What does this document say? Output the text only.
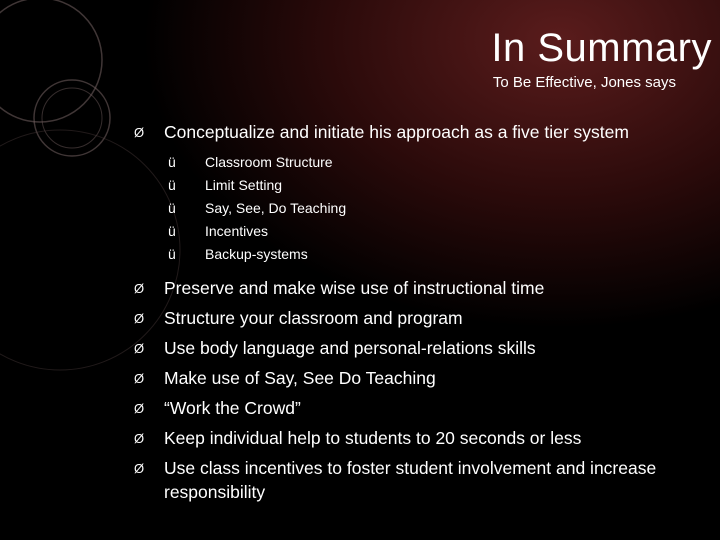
In Summary
To Be Effective, Jones says
Ø Conceptualize and initiate his approach as a five tier system
ü Classroom Structure
ü Limit Setting
ü Say, See, Do Teaching
ü Incentives
ü Backup-systems
Ø Preserve and make wise use of instructional time
Ø Structure your classroom and program
Ø Use body language and personal-relations skills
Ø Make use of Say, See Do Teaching
Ø “Work the Crowd”
Ø Keep individual help to students to 20 seconds or less
Ø Use class incentives to foster student involvement and increase responsibility
